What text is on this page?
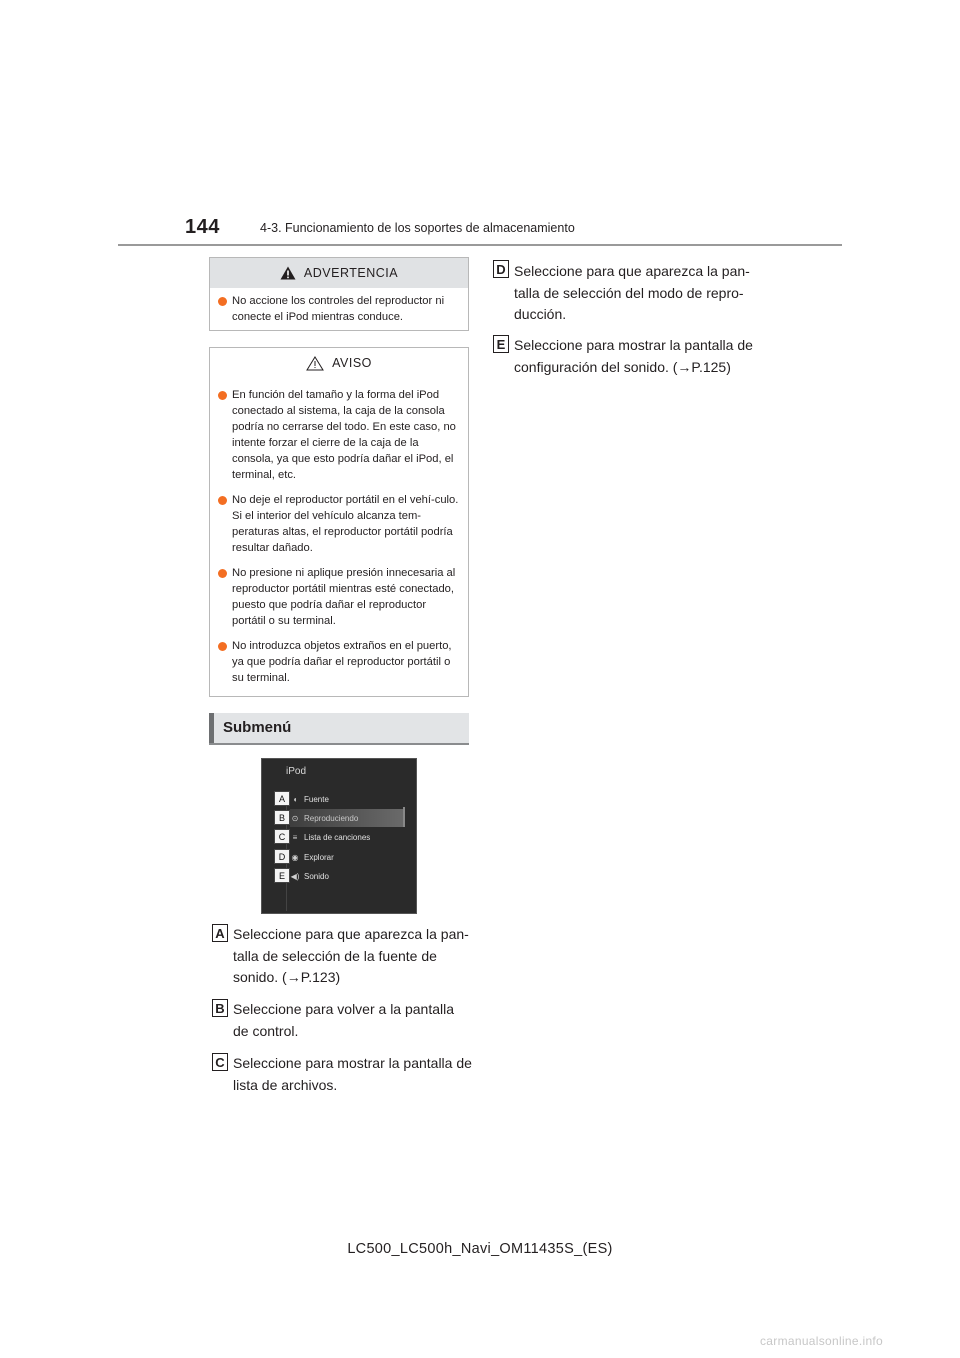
144	4-3. Funcionamiento de los soportes de almacenamiento
ADVERTENCIA
No accione los controles del reproductor ni conecte el iPod mientras conduce.
AVISO
En función del tamaño y la forma del iPod conectado al sistema, la caja de la consola podría no cerrarse del todo. En este caso, no intente forzar el cierre de la caja de la consola, ya que esto podría dañar el iPod, el terminal, etc.
No deje el reproductor portátil en el vehí-culo. Si el interior del vehículo alcanza tem-peraturas altas, el reproductor portátil podría resultar dañado.
No presione ni aplique presión innecesaria al reproductor portátil mientras esté conectado, puesto que podría dañar el reproductor portátil o su terminal.
No introduzca objetos extraños en el puerto, ya que podría dañar el reproductor portátil o su terminal.
Submenú
iPod
A ◖ Fuente
B ⊙ Reproduciendo
C ≡ Lista de canciones
D ◉ Explorar
E ◀) Sonido
A Seleccione para que aparezca la pan-talla de selección de la fuente de sonido. (→P.123)
B Seleccione para volver a la pantalla de control.
C Seleccione para mostrar la pantalla de lista de archivos.
D Seleccione para que aparezca la pan-talla de selección del modo de repro-ducción.
E Seleccione para mostrar la pantalla de configuración del sonido. (→P.125)
LC500_LC500h_Navi_OM11435S_(ES)
carmanualsonline.info
